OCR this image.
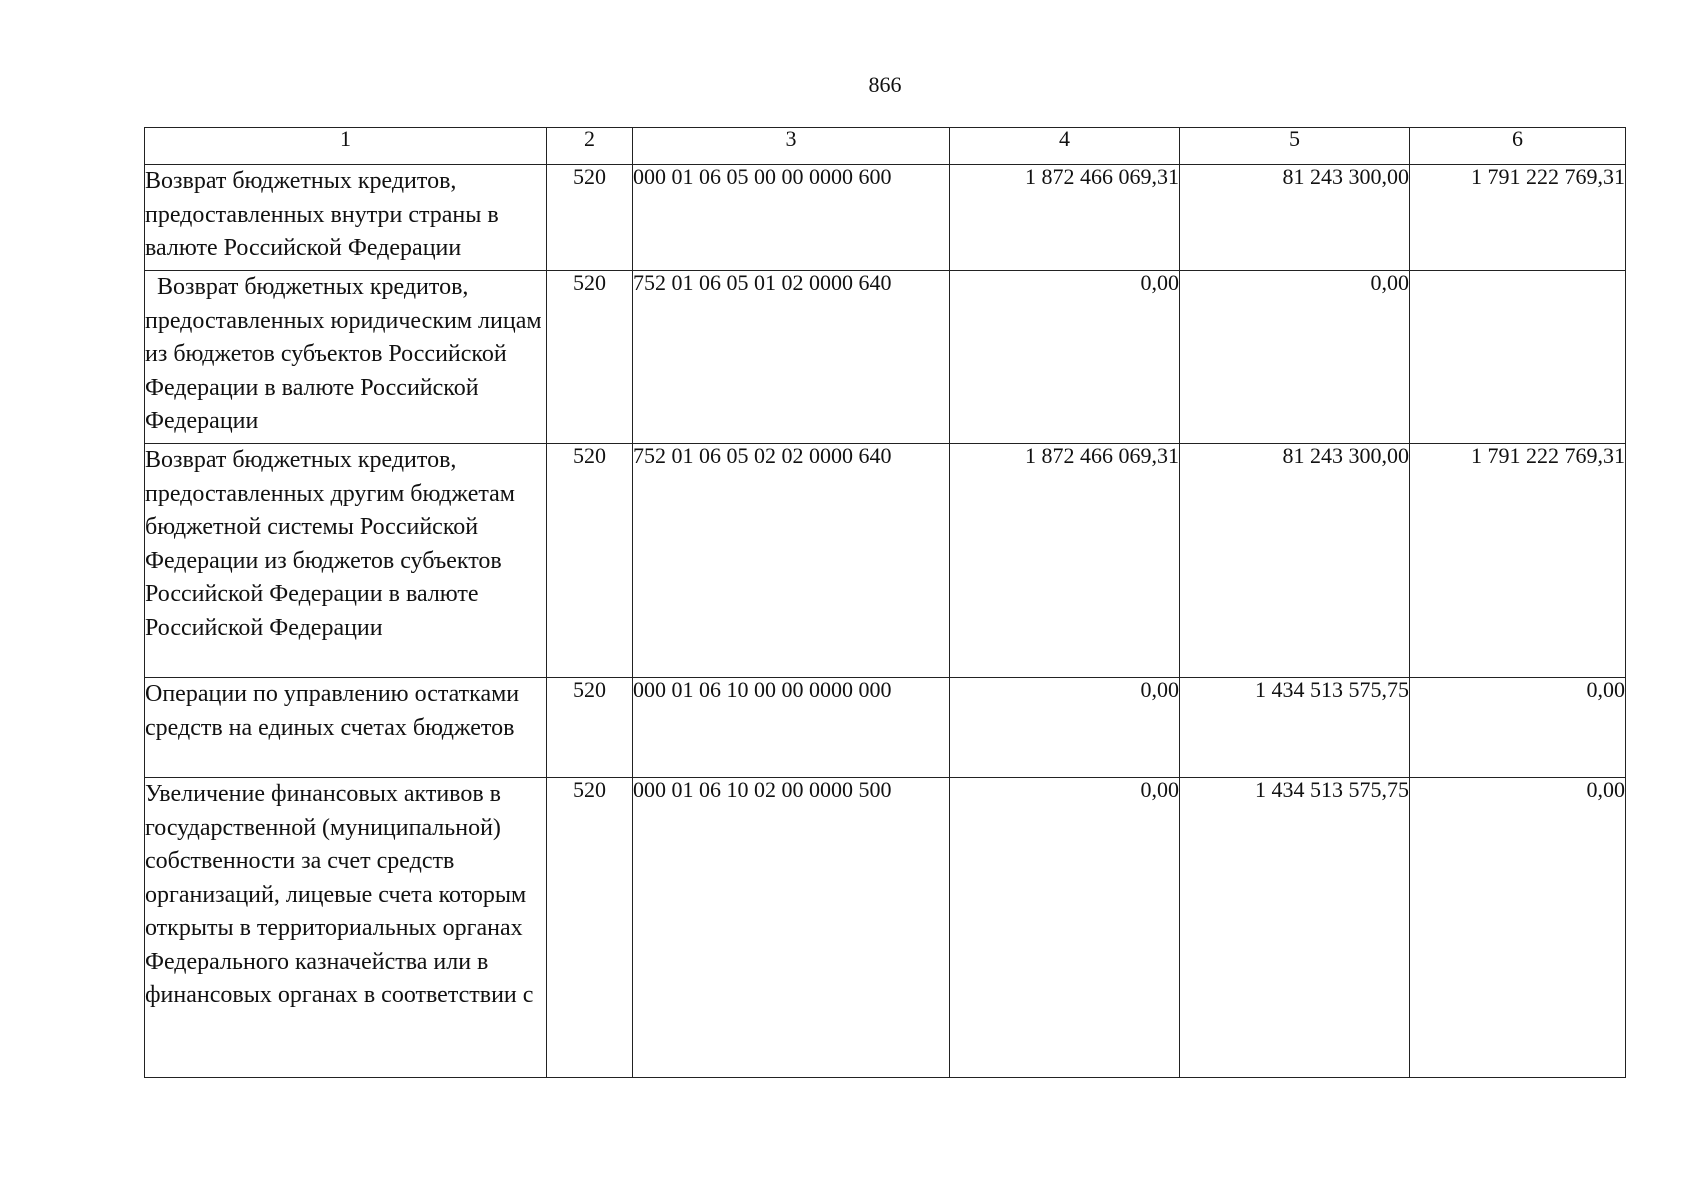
866
1	2	3	4	5	6
Возврат бюджетных кредитов, предоставленных внутри страны в валюте Российской Федерации	520	000 01 06 05 00 00 0000 600	1 872 466 069,31	81 243 300,00	1 791 222 769,31
Возврат бюджетных кредитов, предоставленных юридическим лицам из бюджетов субъектов Российской Федерации в валюте Российской Федерации	520	752 01 06 05 01 02 0000 640	0,00	0,00	
Возврат бюджетных кредитов, предоставленных другим бюджетам бюджетной системы Российской Федерации из бюджетов субъектов Российской Федерации в валюте Российской Федерации	520	752 01 06 05 02 02 0000 640	1 872 466 069,31	81 243 300,00	1 791 222 769,31
Операции по управлению остатками средств на единых счетах бюджетов	520	000 01 06 10 00 00 0000 000	0,00	1 434 513 575,75	0,00
Увеличение финансовых активов в государственной (муниципальной) собственности за счет средств организаций, лицевые счета которым открыты в территориальных органах Федерального казначейства или в финансовых органах в соответствии с	520	000 01 06 10 02 00 0000 500	0,00	1 434 513 575,75	0,00
